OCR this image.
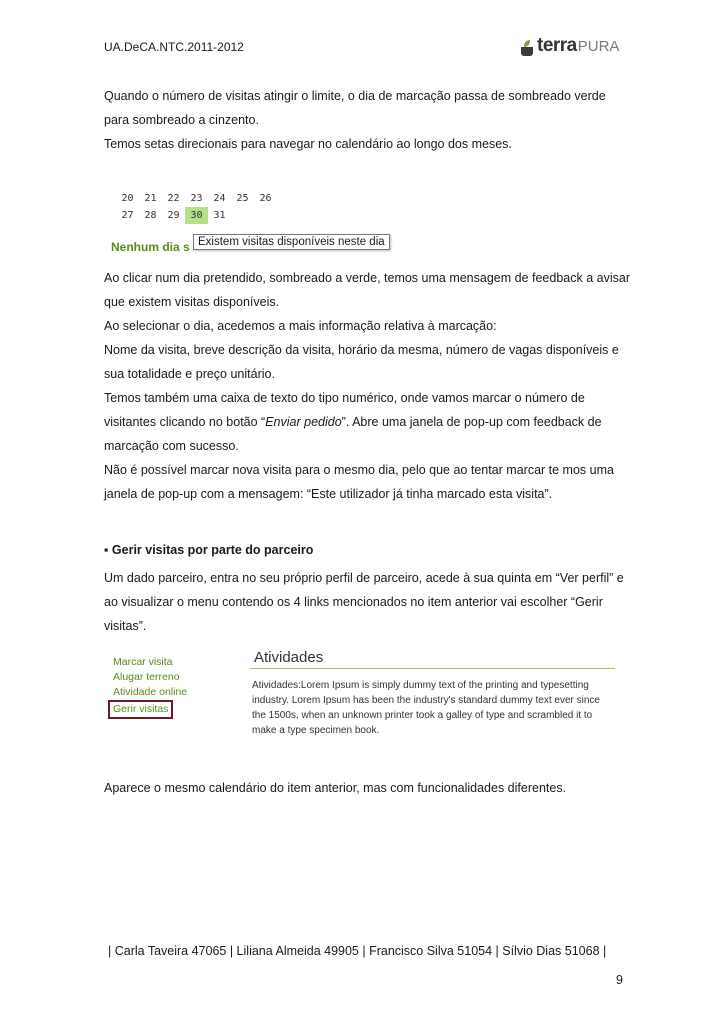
UA.DeCA.NTC.2011-2012	terra PURA
Quando o número de visitas atingir o limite, o dia de marcação passa de sombreado verde
para sombreado a cinzento.
Temos setas direcionais para navegar no calendário ao longo dos meses.
20	21	22	23	24	25	26
27	28	29	30	31
Nenhum dia s Existem visitas disponíveis neste dia
Ao clicar num dia pretendido, sombreado a verde, temos uma mensagem de feedback a avisar
que existem visitas disponíveis.
Ao selecionar o dia, acedemos a mais informação relativa à marcação:
Nome da visita, breve descrição da visita, horário da mesma, número de vagas disponíveis e
sua totalidade e preço unitário.
Temos também uma caixa de texto do tipo numérico, onde vamos marcar o número de
visitantes clicando no botão “Enviar pedido”. Abre uma janela de pop-up com feedback de
marcação com sucesso.
Não é possível marcar nova visita para o mesmo dia, pelo que ao tentar marcar te mos uma
janela de pop-up com a mensagem: “Este utilizador já tinha marcado esta visita”.
▪ Gerir visitas por parte do parceiro
Um dado parceiro, entra no seu próprio perfil de parceiro, acede à sua quinta em “Ver perfil” e
ao visualizar o menu contendo os 4 links mencionados no item anterior vai escolher “Gerir
visitas”.
Marcar visita
Alugar terreno
Atividade online
Gerir visitas
Atividades
Atividades:Lorem Ipsum is simply dummy text of the printing and typesetting
industry. Lorem Ipsum has been the industry's standard dummy text ever since
the 1500s, when an unknown printer took a galley of type and scrambled it to
make a type specimen book.
Aparece o mesmo calendário do item anterior, mas com funcionalidades diferentes.
| Carla Taveira 47065 | Liliana Almeida 49905 | Francisco Silva 51054 | Sílvio Dias 51068 |
9
